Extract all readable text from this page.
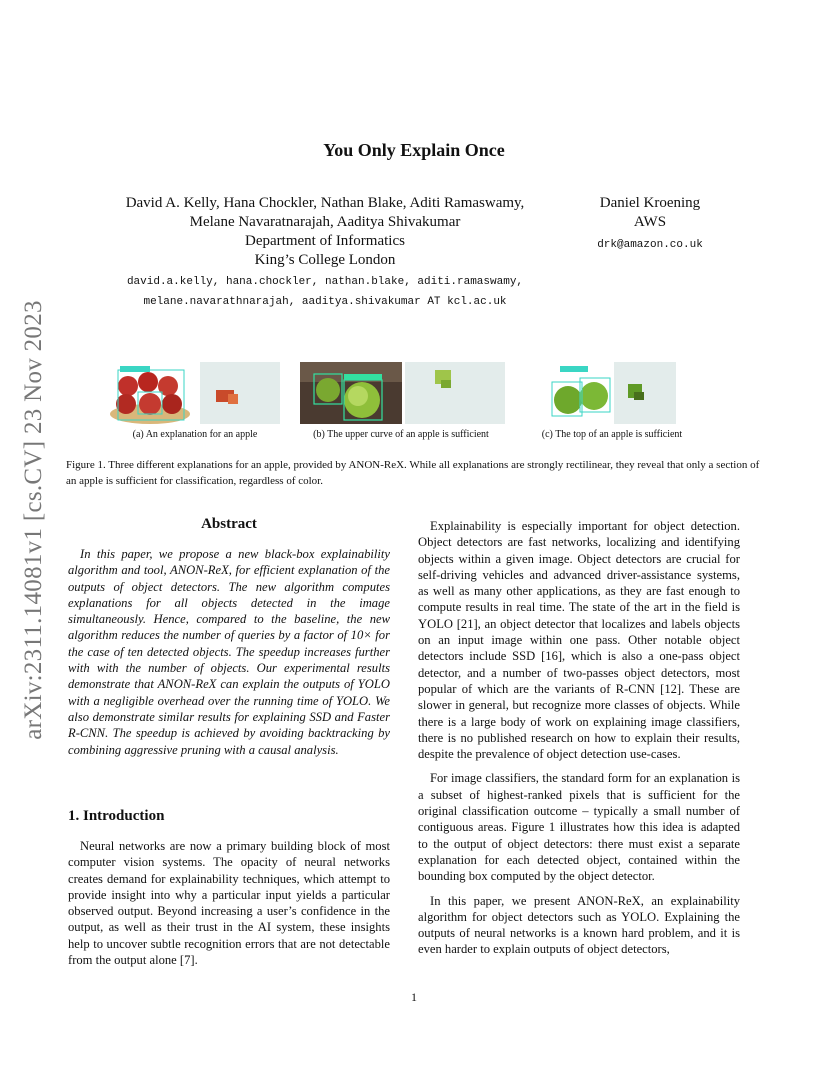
arXiv:2311.14081v1 [cs.CV] 23 Nov 2023
You Only Explain Once
David A. Kelly, Hana Chockler, Nathan Blake, Aditi Ramaswamy,
Melane Navaratnarajah, Aaditya Shivakumar
Department of Informatics
King’s College London
david.a.kelly, hana.chockler, nathan.blake, aditi.ramaswamy,
melane.navarathnarajah, aaditya.shivakumar AT kcl.ac.uk
Daniel Kroening
AWS
drk@amazon.co.uk
(a) An explanation for an apple	(b) The upper curve of an apple is sufficient	(c) The top of an apple is sufficient
Figure 1. Three different explanations for an apple, provided by ANON-ReX. While all explanations are strongly rectilinear, they reveal that only a section of an apple is sufficient for classification, regardless of color.
Abstract

In this paper, we propose a new black-box explainability algorithm and tool, ANON-ReX, for efficient explanation of the outputs of object detectors. The new algorithm computes explanations for all objects detected in the image simultaneously. Hence, compared to the baseline, the new algorithm reduces the number of queries by a factor of 10× for the case of ten detected objects. The speedup increases further with with the number of objects. Our experimental results demonstrate that ANON-ReX can explain the outputs of YOLO with a negligible overhead over the running time of YOLO. We also demonstrate similar results for explaining SSD and Faster R-CNN. The speedup is achieved by avoiding backtracking by combining aggressive pruning with a causal analysis.

1. Introduction

Neural networks are now a primary building block of most computer vision systems. The opacity of neural networks creates demand for explainability techniques, which attempt to provide insight into why a particular input yields a particular observed output. Beyond increasing a user’s confidence in the output, as well as their trust in the AI system, these insights help to uncover subtle recognition errors that are not detectable from the output alone [7].

Explainability is especially important for object detection. Object detectors are fast networks, localizing and identifying objects within a given image. Object detectors are crucial for self-driving vehicles and advanced driver-assistance systems, as well as many other applications, as they are fast enough to compute results in real time. The state of the art in the field is YOLO [21], an object detector that localizes and labels objects on an input image within one pass. Other notable object detectors include SSD [16], which is also a one-pass object detector, and a number of two-passes object detectors, most popular of which are the variants of R-CNN [12]. These are slower in general, but recognize more classes of objects. While there is a large body of work on explaining image classifiers, there is no published research on how to explain their results, despite the prevalence of object detection use-cases.

For image classifiers, the standard form for an explanation is a subset of highest-ranked pixels that is sufficient for the original classification outcome – typically a small number of contiguous areas. Figure 1 illustrates how this idea is adapted to the output of object detectors: there must exist a separate explanation for each detected object, contained within the bounding box computed by the object detector.

In this paper, we present ANON-ReX, an explainability algorithm for object detectors such as YOLO. Explaining the outputs of neural networks is a known hard problem, and it is even harder to explain outputs of object detectors,

1
